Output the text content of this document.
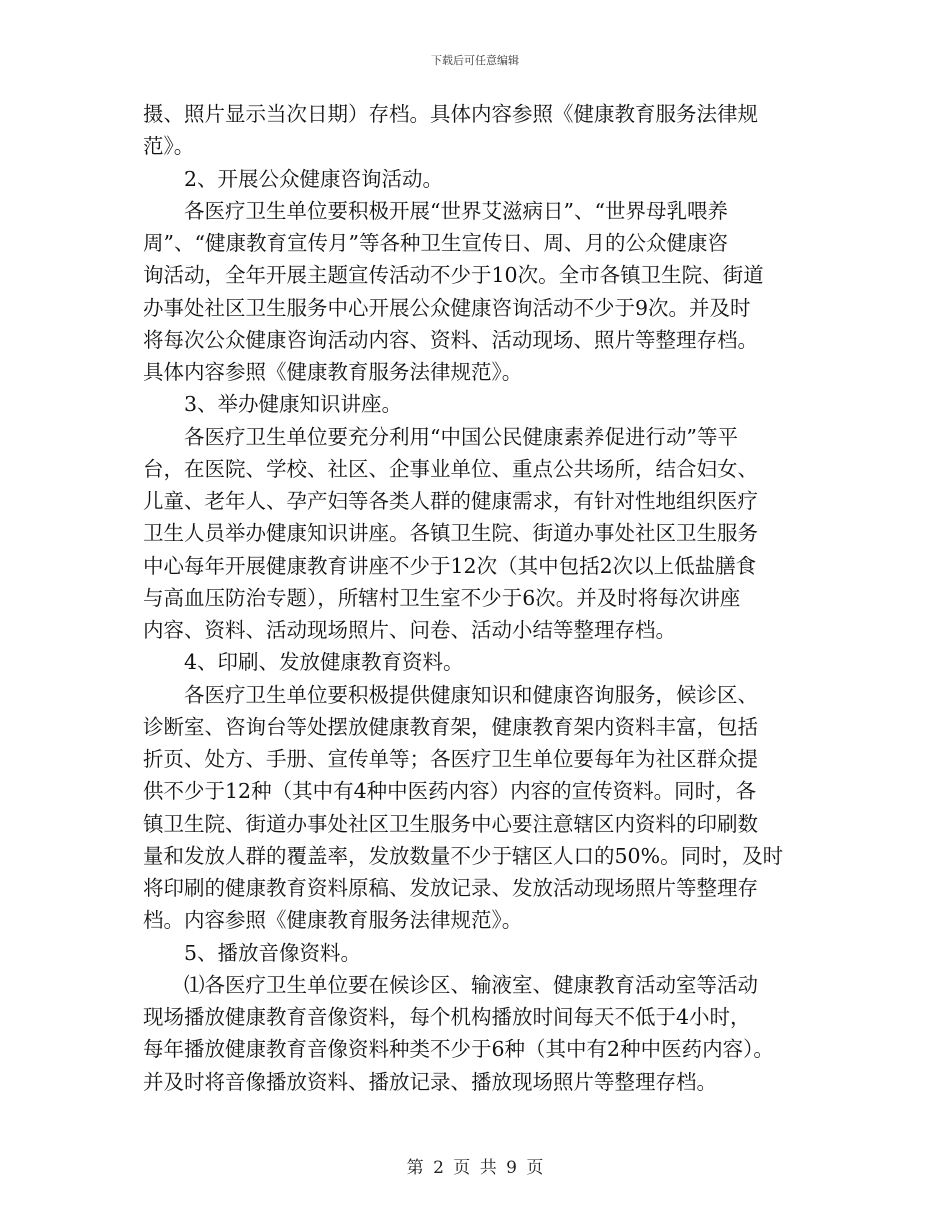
下载后可任意编辑
摄、照片显示当次日期）存档。具体内容参照《健康教育服务法律规
范》。
2、开展公众健康咨询活动。
各医疗卫生单位要积极开展“世界艾滋病日”、“世界母乳喂养
周”、“健康教育宣传月”等各种卫生宣传日、周、月的公众健康咨
询活动，全年开展主题宣传活动不少于10次。全市各镇卫生院、街道
办事处社区卫生服务中心开展公众健康咨询活动不少于9次。并及时
将每次公众健康咨询活动内容、资料、活动现场、照片等整理存档。
具体内容参照《健康教育服务法律规范》。
3、举办健康知识讲座。
各医疗卫生单位要充分利用“中国公民健康素养促进行动”等平
台，在医院、学校、社区、企事业单位、重点公共场所，结合妇女、
儿童、老年人、孕产妇等各类人群的健康需求，有针对性地组织医疗
卫生人员举办健康知识讲座。各镇卫生院、街道办事处社区卫生服务
中心每年开展健康教育讲座不少于12次（其中包括2次以上低盐膳食
与高血压防治专题），所辖村卫生室不少于6次。并及时将每次讲座
内容、资料、活动现场照片、问卷、活动小结等整理存档。
4、印刷、发放健康教育资料。
各医疗卫生单位要积极提供健康知识和健康咨询服务，候诊区、
诊断室、咨询台等处摆放健康教育架，健康教育架内资料丰富，包括
折页、处方、手册、宣传单等；各医疗卫生单位要每年为社区群众提
供不少于12种（其中有4种中医药内容）内容的宣传资料。同时，各
镇卫生院、街道办事处社区卫生服务中心要注意辖区内资料的印刷数
量和发放人群的覆盖率，发放数量不少于辖区人口的50%。同时，及时
将印刷的健康教育资料原稿、发放记录、发放活动现场照片等整理存
档。内容参照《健康教育服务法律规范》。
5、播放音像资料。
⑴各医疗卫生单位要在候诊区、输液室、健康教育活动室等活动
现场播放健康教育音像资料，每个机构播放时间每天不低于4小时，
每年播放健康教育音像资料种类不少于6种（其中有2种中医药内容）。
并及时将音像播放资料、播放记录、播放现场照片等整理存档。
第 2 页 共 9 页
